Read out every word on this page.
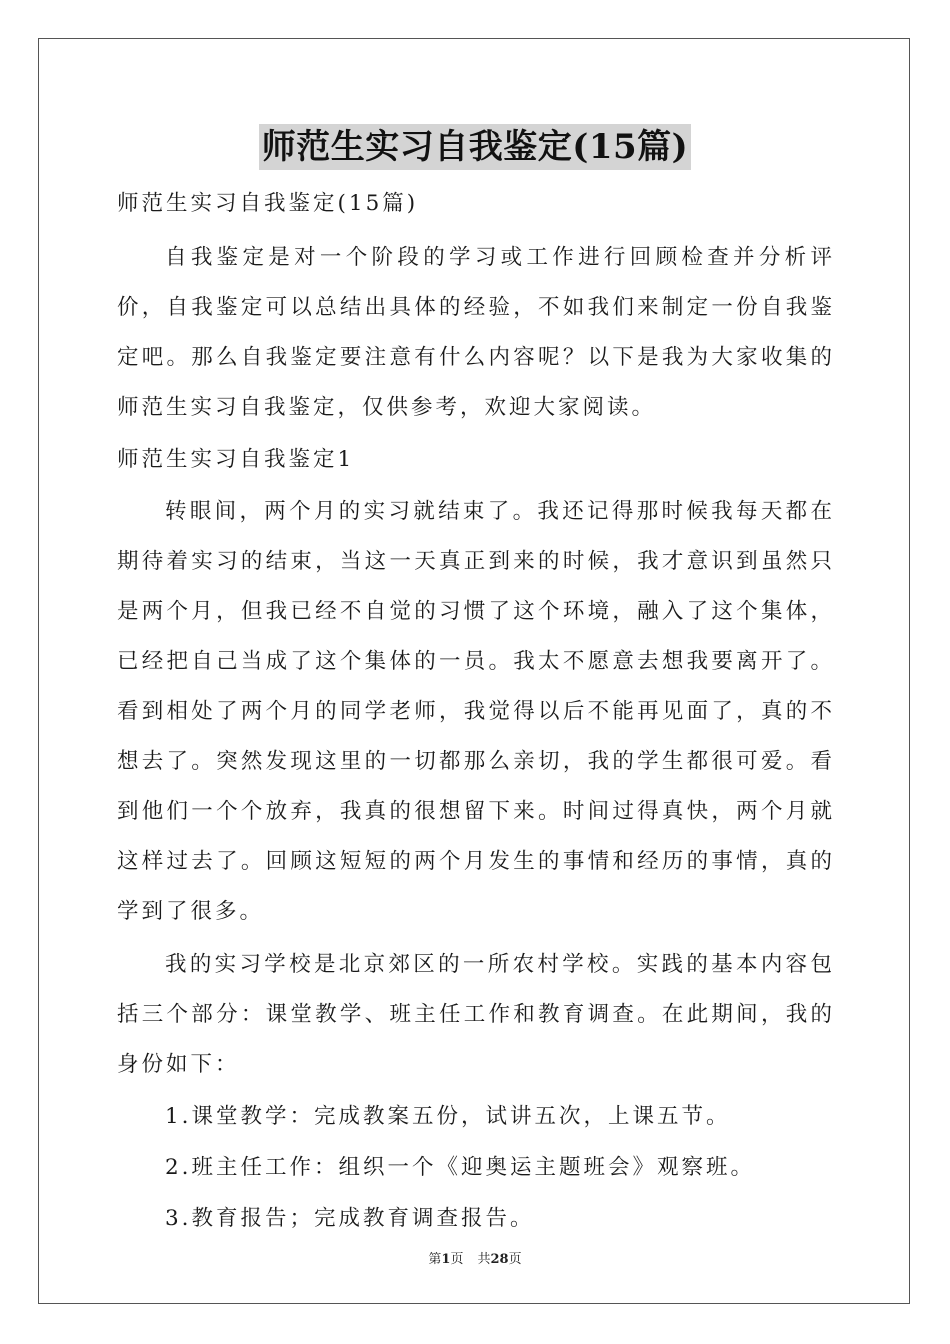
师范生实习自我鉴定(15篇)

师范生实习自我鉴定(15篇)

自我鉴定是对一个阶段的学习或工作进行回顾检查并分析评价，自我鉴定可以总结出具体的经验，不如我们来制定一份自我鉴定吧。那么自我鉴定要注意有什么内容呢？以下是我为大家收集的师范生实习自我鉴定，仅供参考，欢迎大家阅读。

师范生实习自我鉴定1

转眼间，两个月的实习就结束了。我还记得那时候我每天都在期待着实习的结束，当这一天真正到来的时候，我才意识到虽然只是两个月，但我已经不自觉的习惯了这个环境，融入了这个集体，已经把自己当成了这个集体的一员。我太不愿意去想我要离开了。看到相处了两个月的同学老师，我觉得以后不能再见面了，真的不想去了。突然发现这里的一切都那么亲切，我的学生都很可爱。看到他们一个个放弃，我真的很想留下来。时间过得真快，两个月就这样过去了。回顾这短短的两个月发生的事情和经历的事情，真的学到了很多。

我的实习学校是北京郊区的一所农村学校。实践的基本内容包括三个部分：课堂教学、班主任工作和教育调查。在此期间，我的身份如下：

1.课堂教学：完成教案五份，试讲五次，上课五节。

2.班主任工作：组织一个《迎奥运主题班会》观察班。

3.教育报告；完成教育调查报告。

第1页 共28页
